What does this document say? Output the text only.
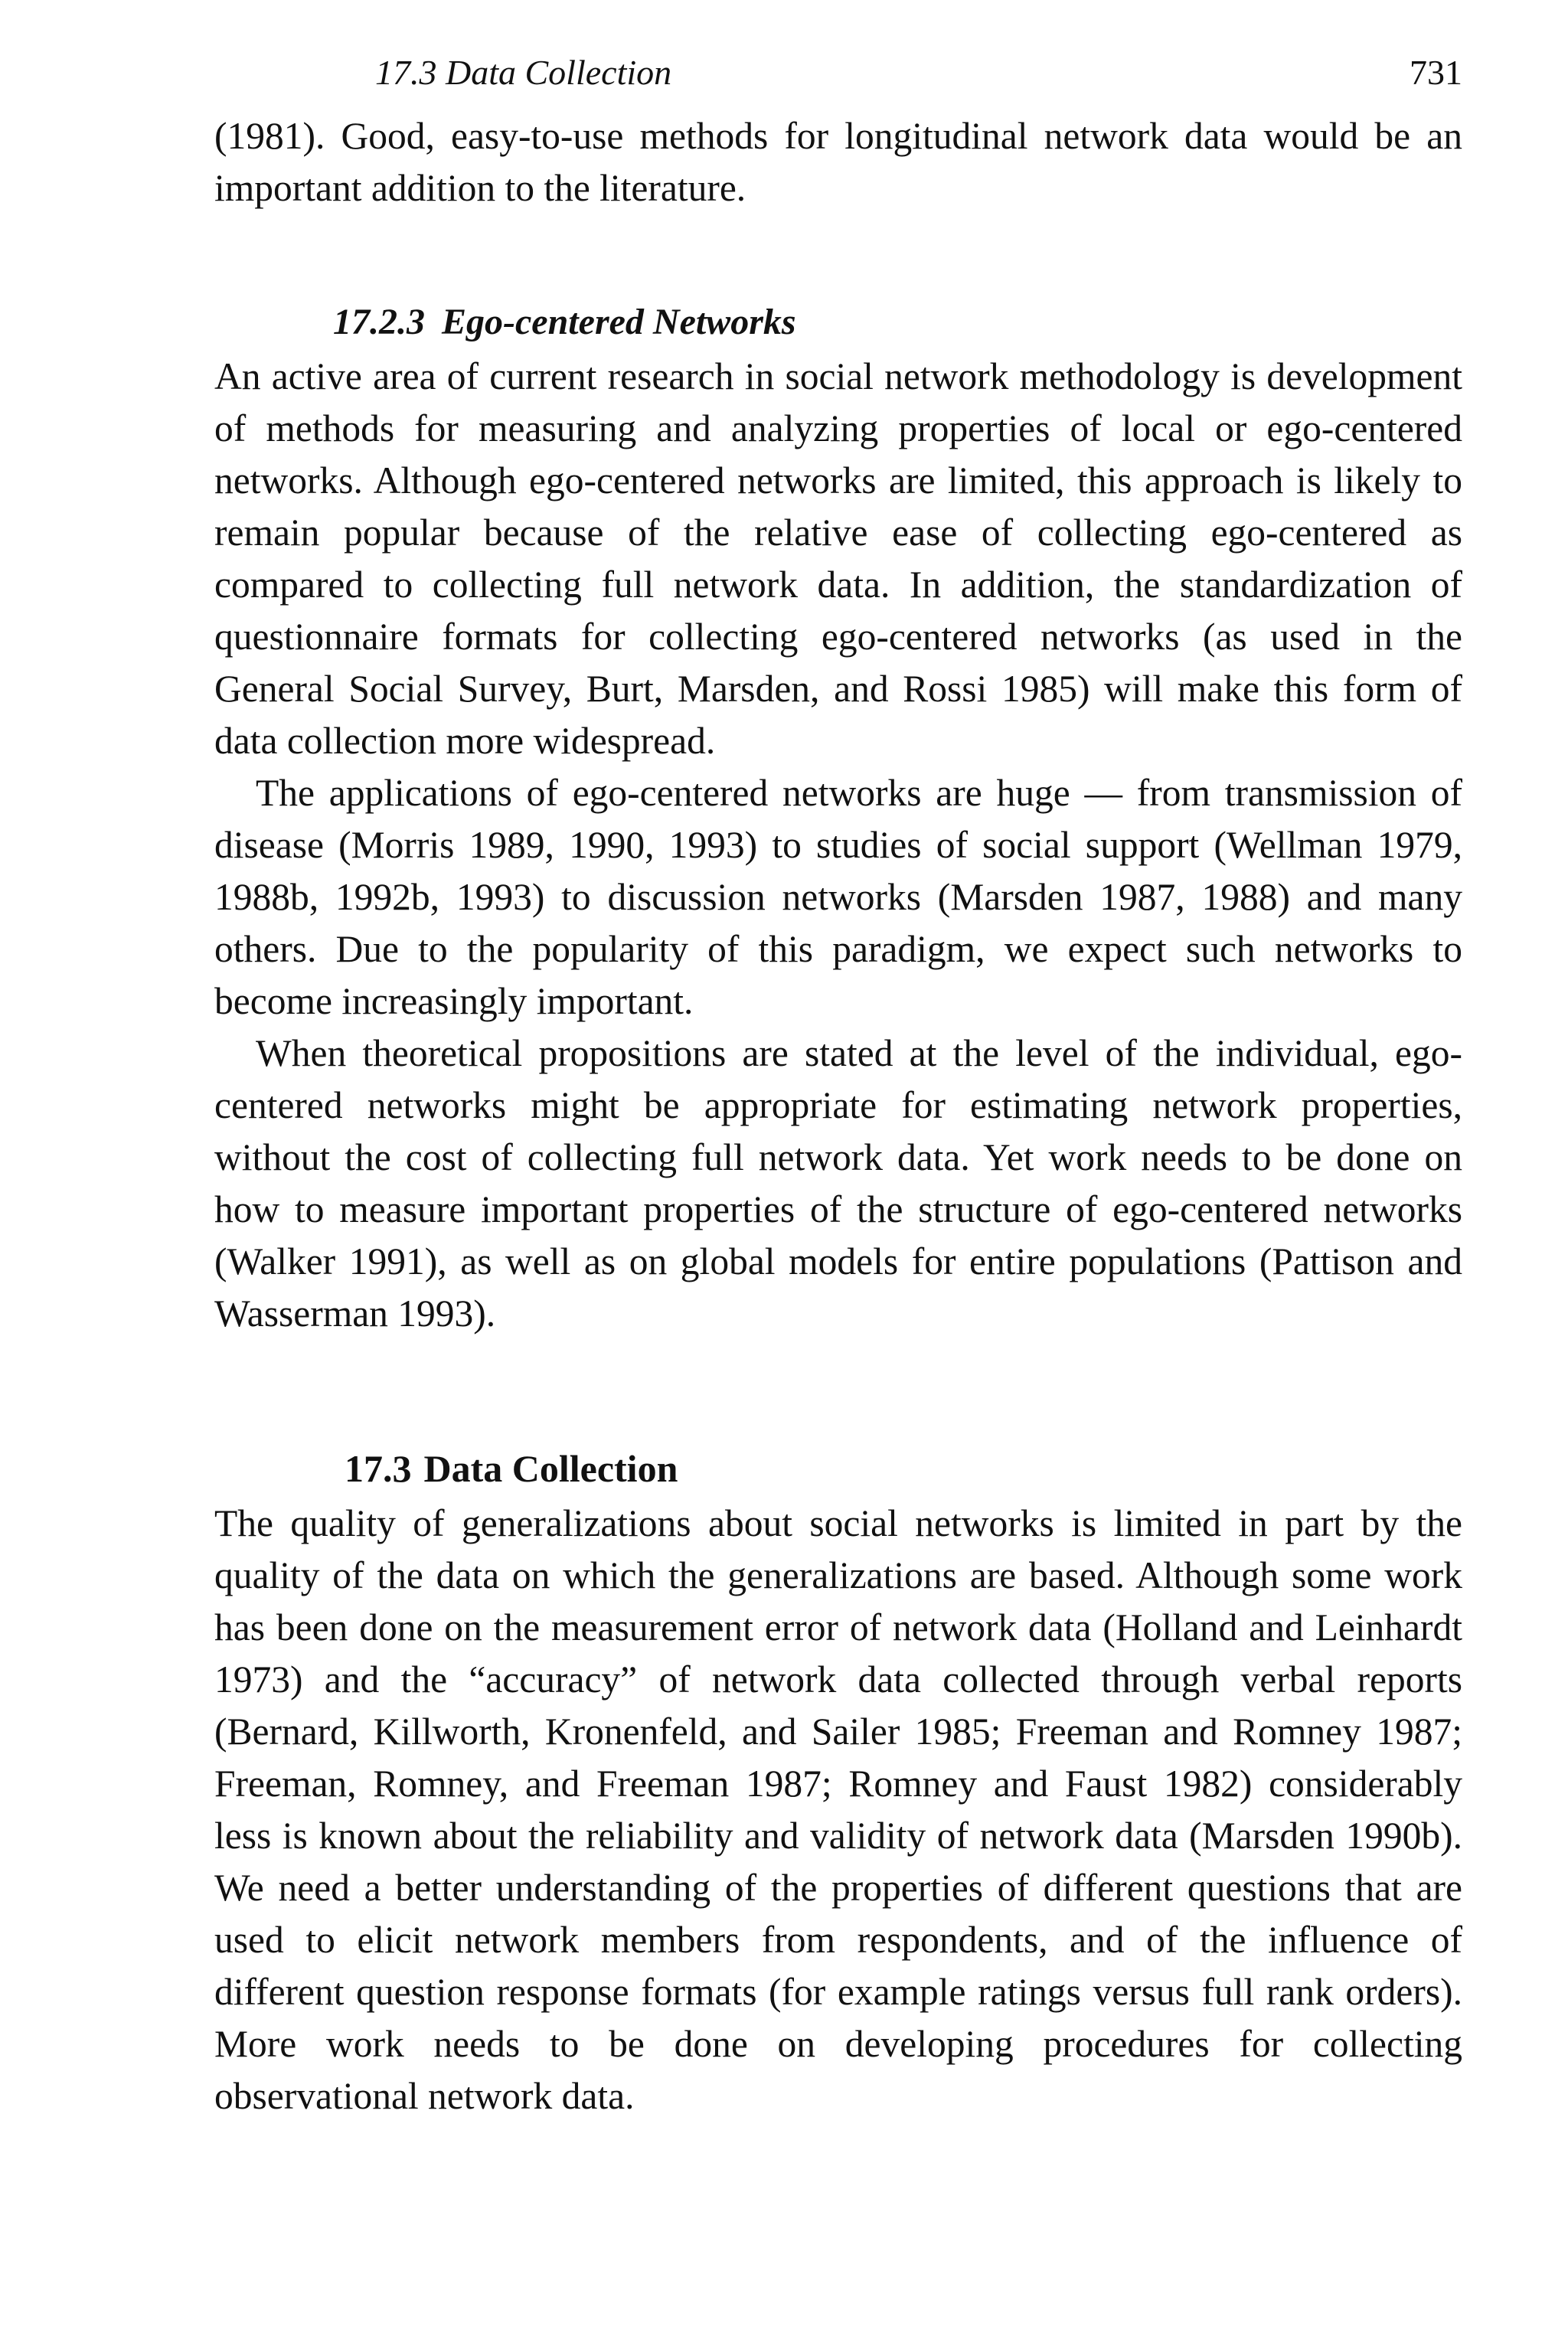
17.3 Data Collection	731

(1981). Good, easy-to-use methods for longitudinal network data would be an important addition to the literature.

17.2.3 Ego-centered Networks

An active area of current research in social network methodology is development of methods for measuring and analyzing properties of local or ego-centered networks. Although ego-centered networks are limited, this approach is likely to remain popular because of the relative ease of collecting ego-centered as compared to collecting full network data. In addition, the standardization of questionnaire formats for collecting ego-centered networks (as used in the General Social Survey, Burt, Marsden, and Rossi 1985) will make this form of data collection more widespread.

The applications of ego-centered networks are huge — from transmission of disease (Morris 1989, 1990, 1993) to studies of social support (Wellman 1979, 1988b, 1992b, 1993) to discussion networks (Marsden 1987, 1988) and many others. Due to the popularity of this paradigm, we expect such networks to become increasingly important.

When theoretical propositions are stated at the level of the individual, ego-centered networks might be appropriate for estimating network properties, without the cost of collecting full network data. Yet work needs to be done on how to measure important properties of the structure of ego-centered networks (Walker 1991), as well as on global models for entire populations (Pattison and Wasserman 1993).

17.3 Data Collection

The quality of generalizations about social networks is limited in part by the quality of the data on which the generalizations are based. Although some work has been done on the measurement error of network data (Holland and Leinhardt 1973) and the “accuracy” of network data collected through verbal reports (Bernard, Killworth, Kronenfeld, and Sailer 1985; Freeman and Romney 1987; Freeman, Romney, and Freeman 1987; Romney and Faust 1982) considerably less is known about the reliability and validity of network data (Marsden 1990b). We need a better understanding of the properties of different questions that are used to elicit network members from respondents, and of the influence of different question response formats (for example ratings versus full rank orders). More work needs to be done on developing procedures for collecting observational network data.
